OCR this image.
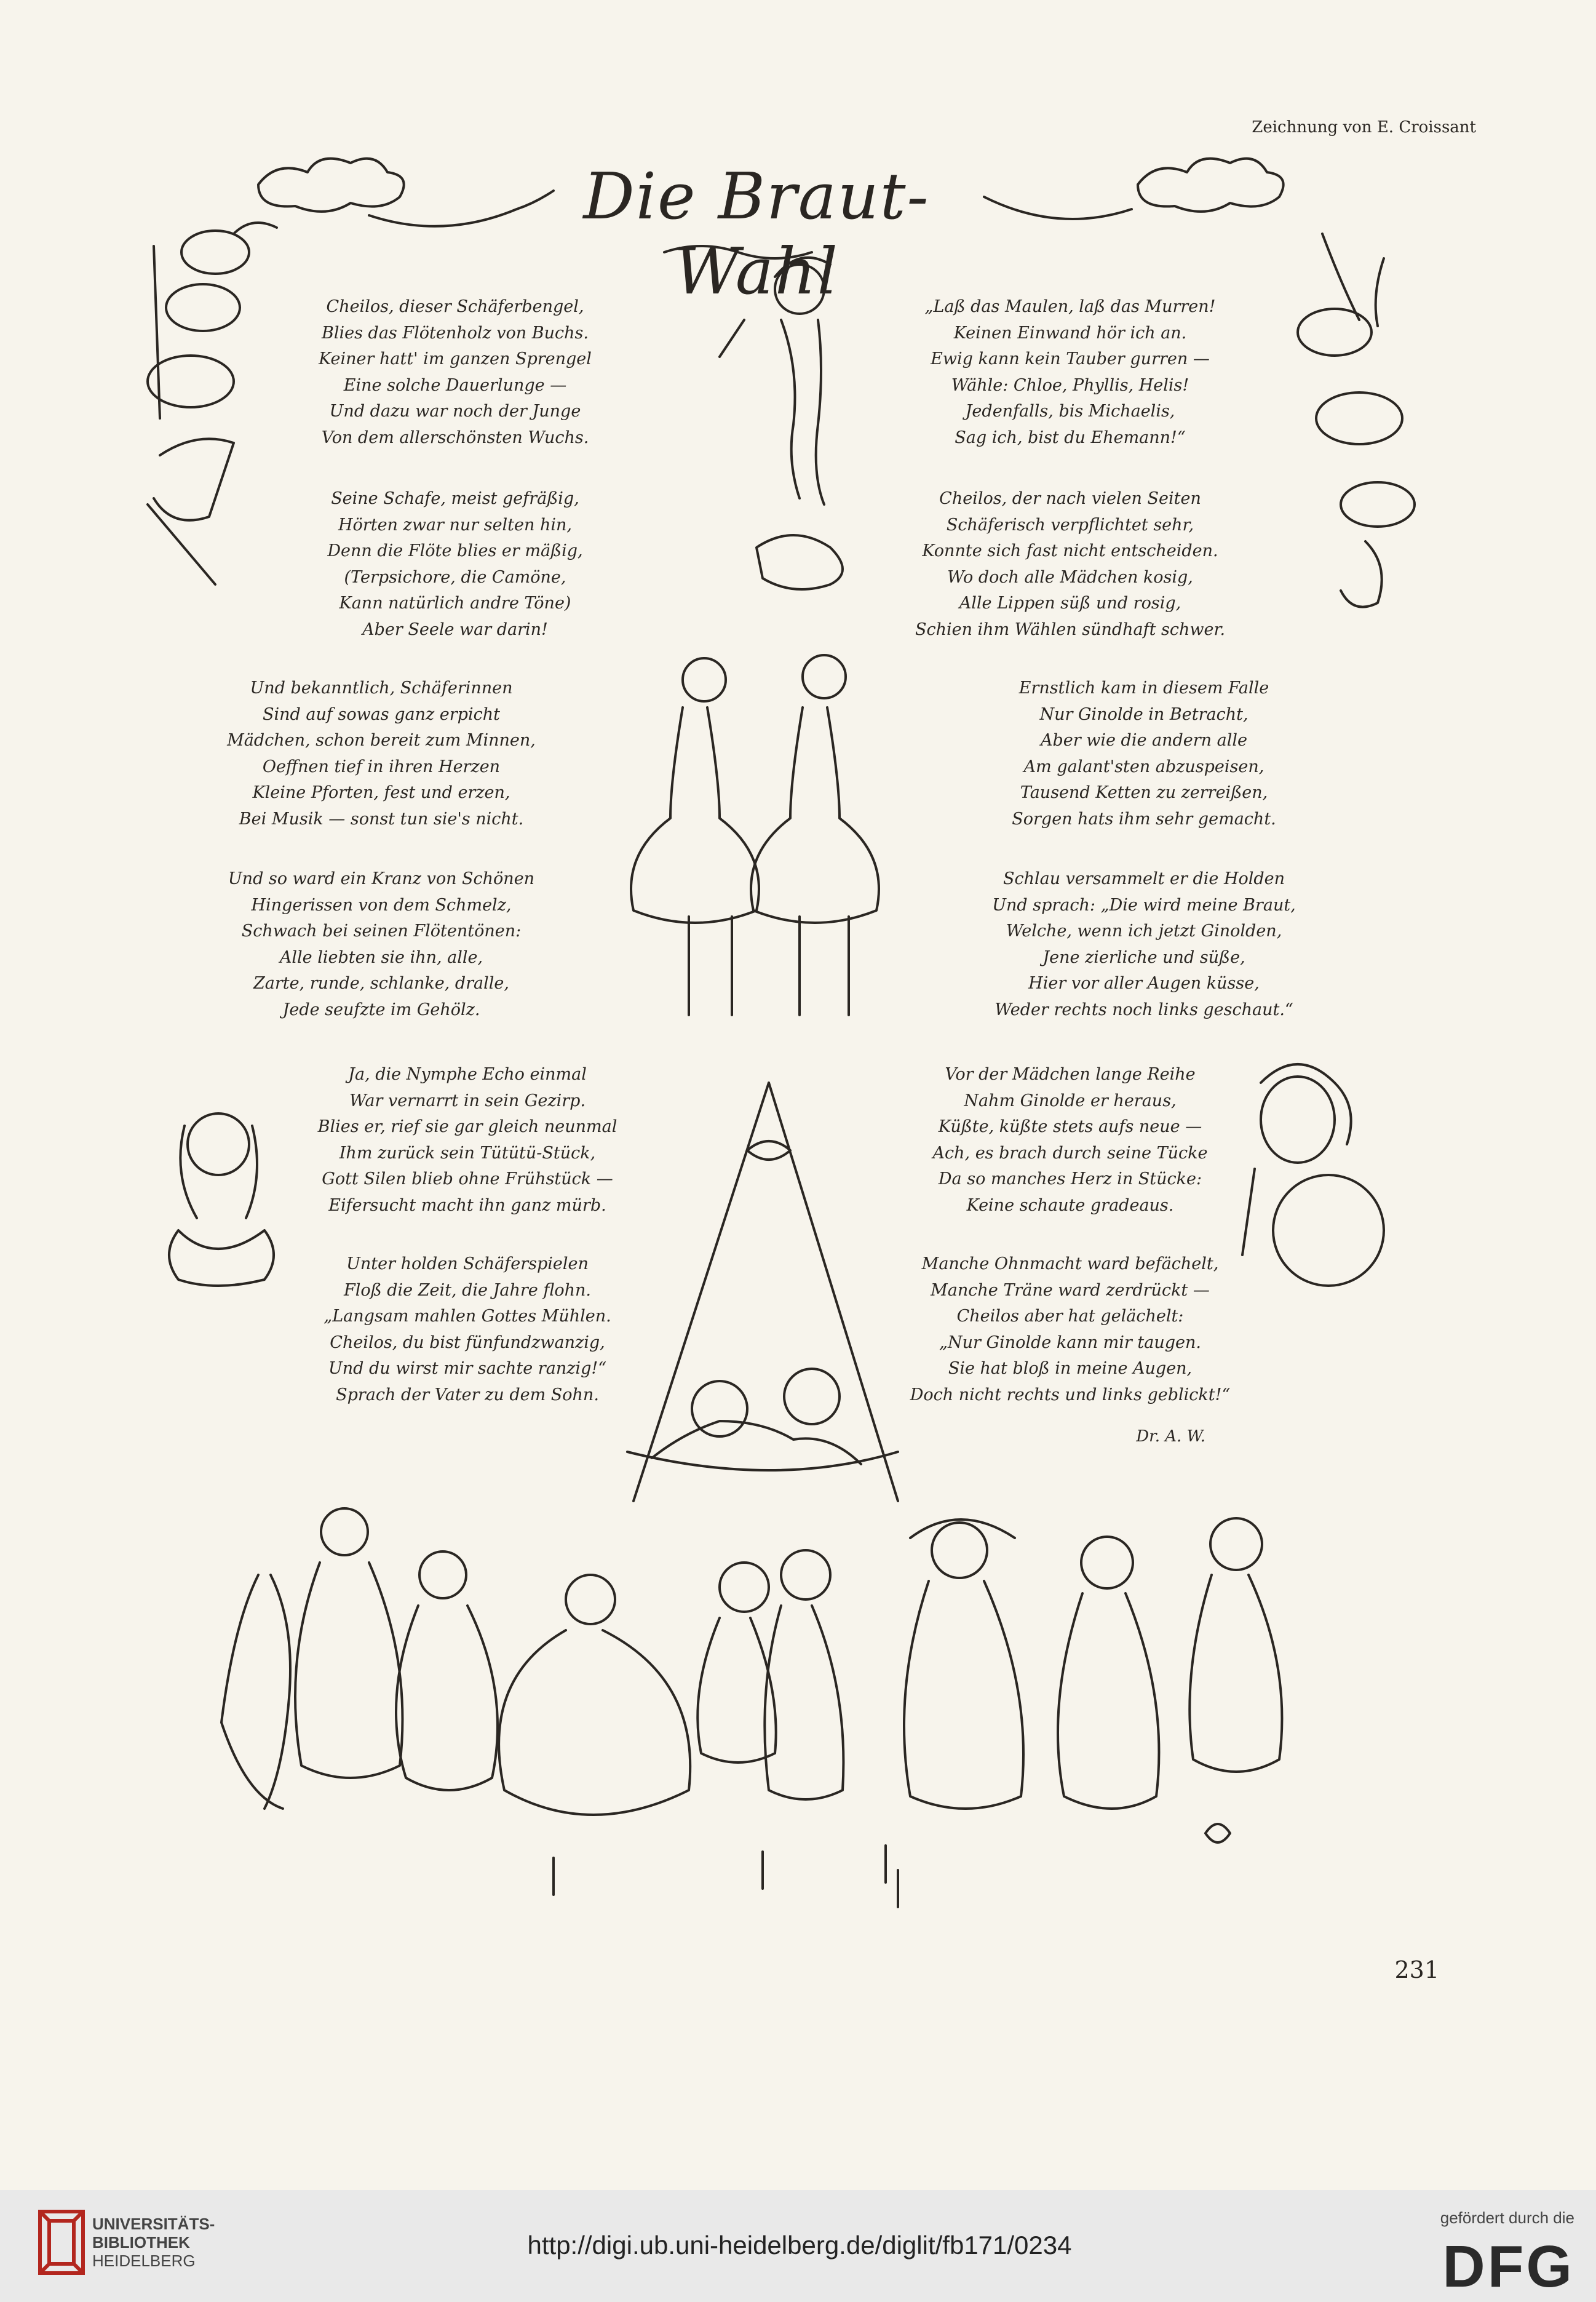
Zeichnung von E. Croissant
Die Braut-Wahl
Cheilos, dieser Schäferbengel,
Blies das Flötenholz von Buchs.
Keiner hatt' im ganzen Sprengel
Eine solche Dauerlunge —
Und dazu war noch der Junge
Von dem allerschönsten Wuchs.
Seine Schafe, meist gefräßig,
Hörten zwar nur selten hin,
Denn die Flöte blies er mäßig,
(Terpsichore, die Camöne,
Kann natürlich andre Töne)
Aber Seele war darin!
Und bekanntlich, Schäferinnen
Sind auf sowas ganz erpicht
Mädchen, schon bereit zum Minnen,
Oeffnen tief in ihren Herzen
Kleine Pforten, fest und erzen,
Bei Musik — sonst tun sie's nicht.
Und so ward ein Kranz von Schönen
Hingerissen von dem Schmelz,
Schwach bei seinen Flötentönen:
Alle liebten sie ihn, alle,
Zarte, runde, schlanke, dralle,
Jede seufzte im Gehölz.
Ja, die Nymphe Echo einmal
War vernarrt in sein Gezirp.
Blies er, rief sie gar gleich neunmal
Ihm zurück sein Tütütü-Stück,
Gott Silen blieb ohne Frühstück —
Eifersucht macht ihn ganz mürb.
Unter holden Schäferspielen
Floß die Zeit, die Jahre flohn.
„Langsam mahlen Gottes Mühlen.
Cheilos, du bist fünfundzwanzig,
Und du wirst mir sachte ranzig!“
Sprach der Vater zu dem Sohn.
„Laß das Maulen, laß das Murren!
Keinen Einwand hör ich an.
Ewig kann kein Tauber gurren —
Wähle: Chloe, Phyllis, Helis!
Jedenfalls, bis Michaelis,
Sag ich, bist du Ehemann!“
Cheilos, der nach vielen Seiten
Schäferisch verpflichtet sehr,
Konnte sich fast nicht entscheiden.
Wo doch alle Mädchen kosig,
Alle Lippen süß und rosig,
Schien ihm Wählen sündhaft schwer.
Ernstlich kam in diesem Falle
Nur Ginolde in Betracht,
Aber wie die andern alle
Am galant'sten abzuspeisen,
Tausend Ketten zu zerreißen,
Sorgen hats ihm sehr gemacht.
Schlau versammelt er die Holden
Und sprach: „Die wird meine Braut,
Welche, wenn ich jetzt Ginolden,
Jene zierliche und süße,
Hier vor aller Augen küsse,
Weder rechts noch links geschaut.“
Vor der Mädchen lange Reihe
Nahm Ginolde er heraus,
Küßte, küßte stets aufs neue —
Ach, es brach durch seine Tücke
Da so manches Herz in Stücke:
Keine schaute gradeaus.
Manche Ohnmacht ward befächelt,
Manche Träne ward zerdrückt —
Cheilos aber hat gelächelt:
„Nur Ginolde kann mir taugen.
Sie hat bloß in meine Augen,
Doch nicht rechts und links geblickt!“
Dr. A. W.
231
UNIVERSITÄTS-
BIBLIOTHEK
HEIDELBERG
http://digi.ub.uni-heidelberg.de/diglit/fb171/0234
gefördert durch die
DFG
